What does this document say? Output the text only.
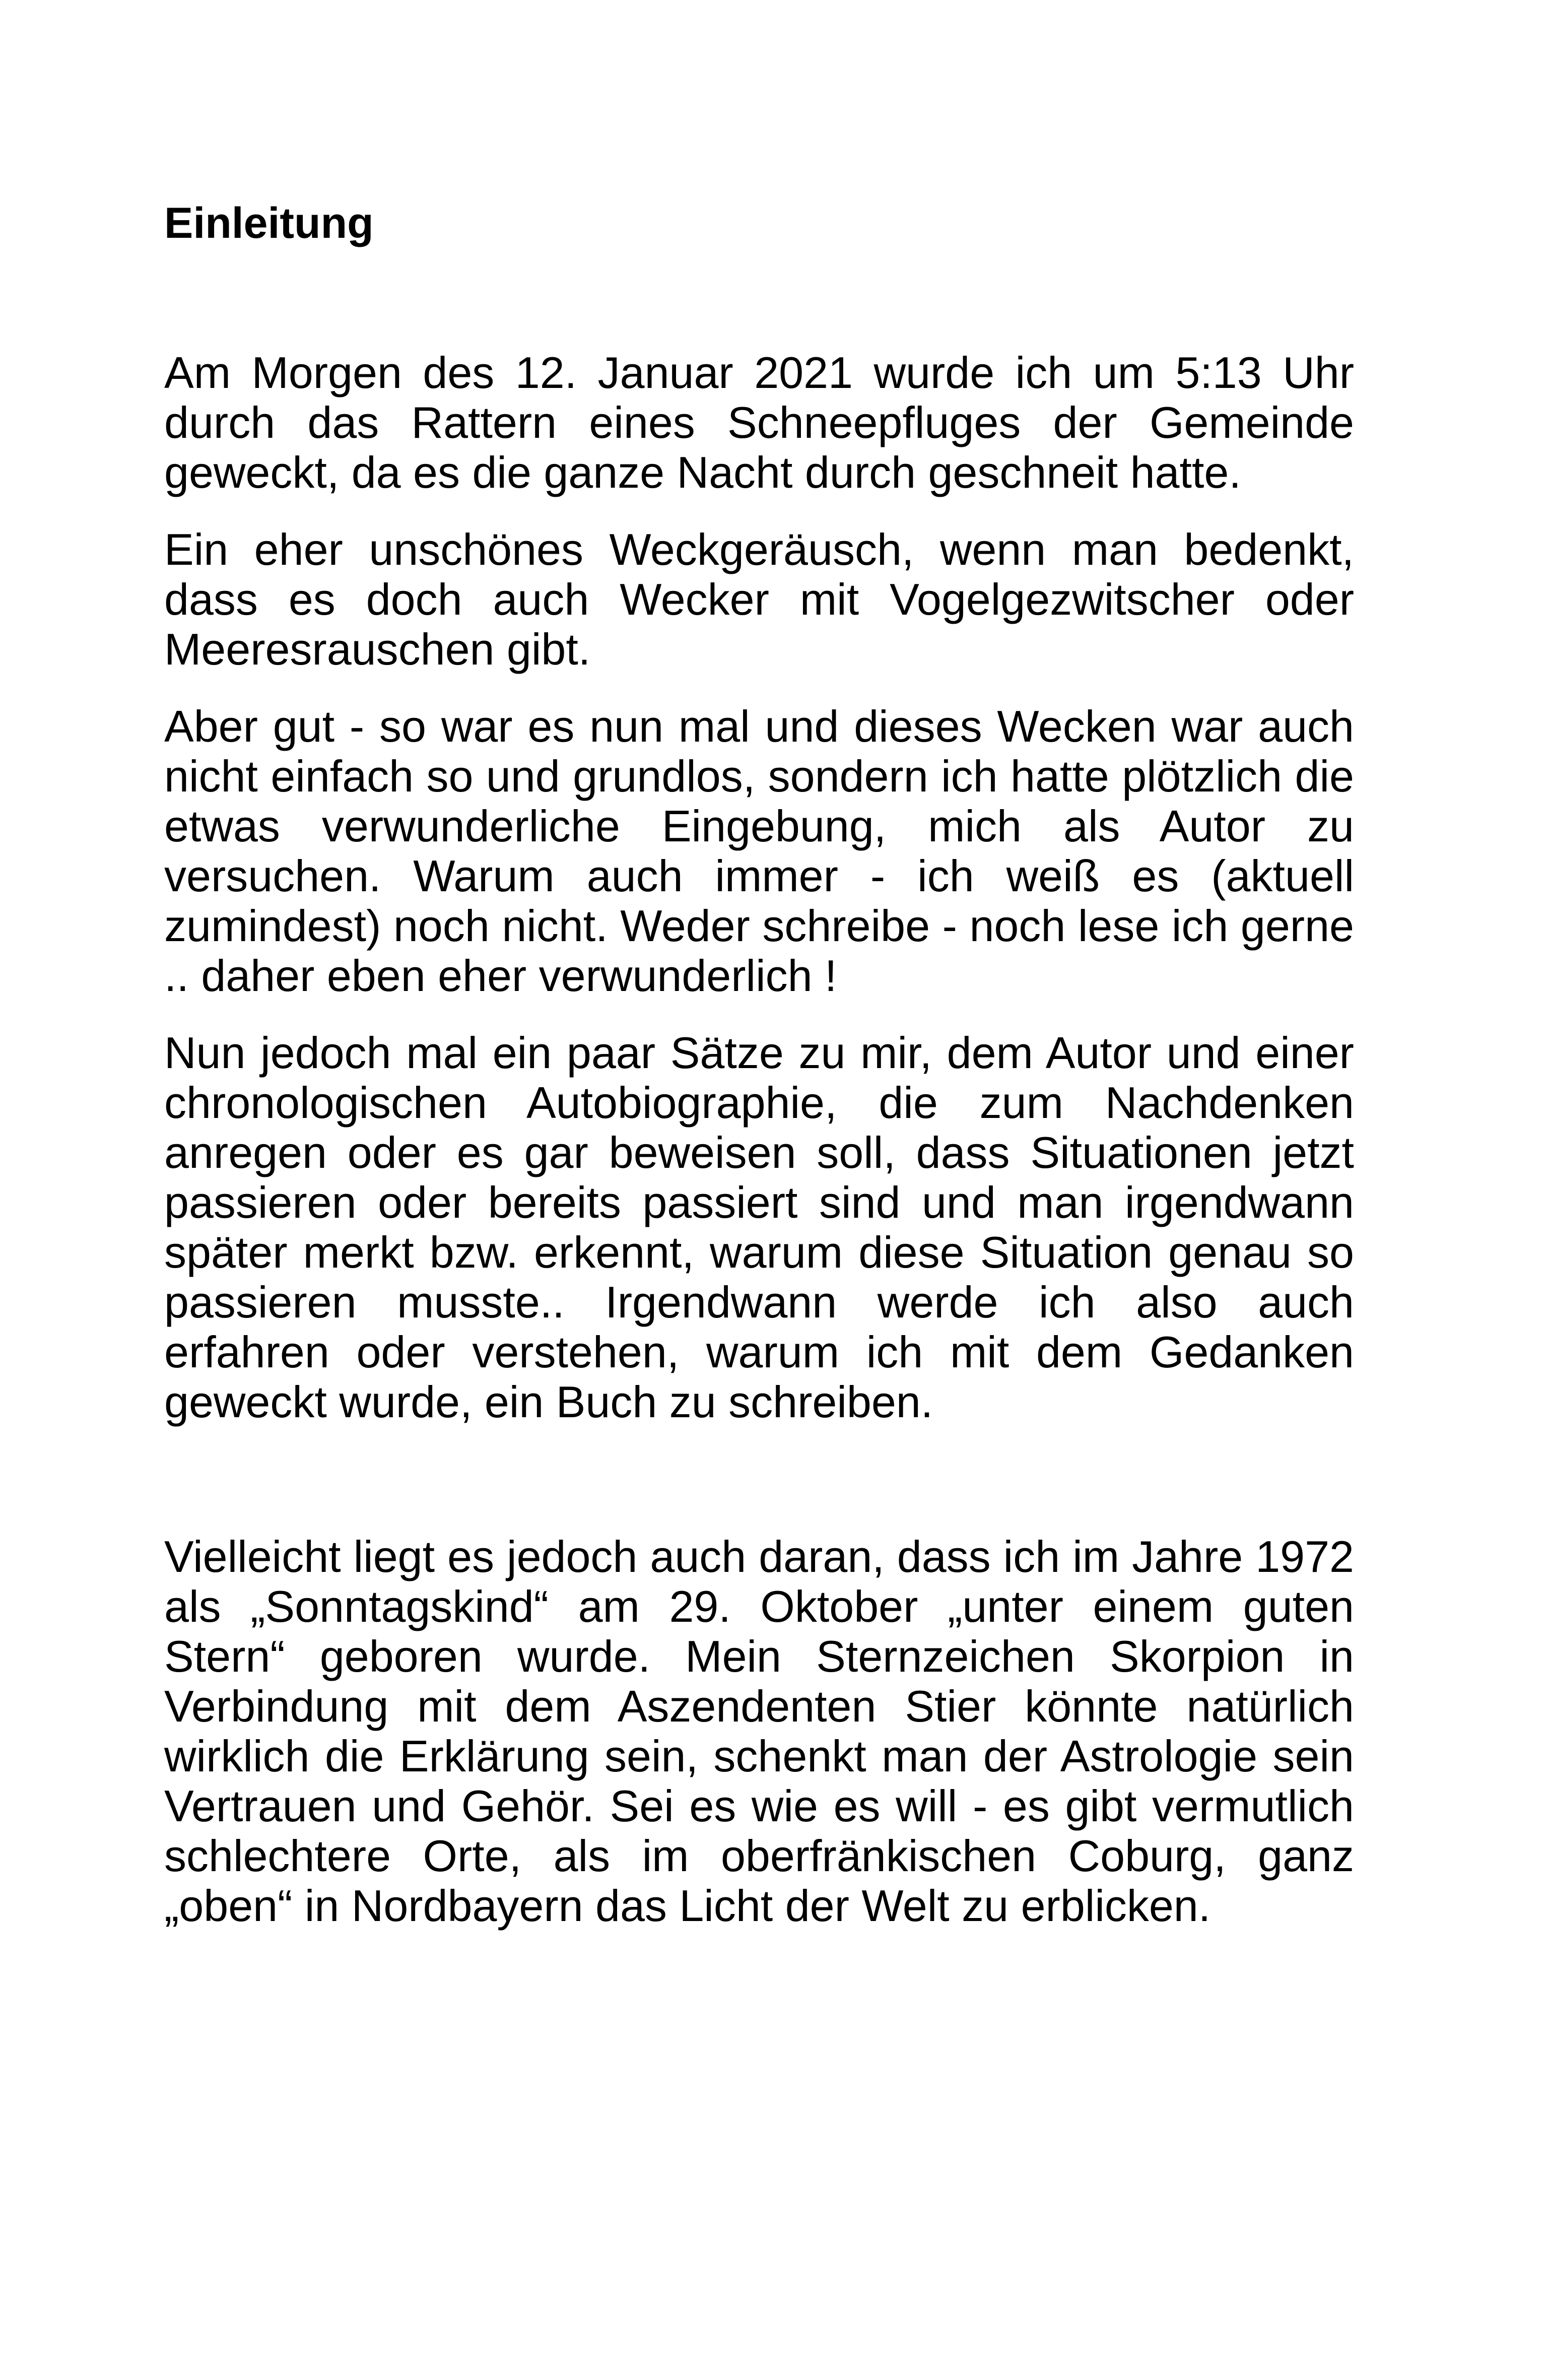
Einleitung

Am Morgen des 12. Januar 2021 wurde ich um 5:13 Uhr durch das Rattern eines Schneepfluges der Gemeinde geweckt, da es die ganze Nacht durch geschneit hatte.

Ein eher unschönes Weckgeräusch, wenn man bedenkt, dass es doch auch Wecker mit Vogelgezwitscher oder Meeresrauschen gibt.

Aber gut - so war es nun mal und dieses Wecken war auch nicht einfach so und grundlos, sondern ich hatte plötzlich die etwas verwunderliche Eingebung, mich als Autor zu versuchen. Warum auch immer - ich weiß es (aktuell zumindest) noch nicht. Weder schreibe - noch lese ich gerne .. daher eben eher verwunderlich !

Nun jedoch mal ein paar Sätze zu mir, dem Autor und einer chronologischen Autobiographie, die zum Nachdenken anregen oder es gar beweisen soll, dass Situationen jetzt passieren oder bereits passiert sind und man irgendwann später merkt bzw. erkennt, warum diese Situation genau so passieren musste.. Irgendwann werde ich also auch erfahren oder verstehen, warum ich mit dem Gedanken geweckt wurde, ein Buch zu schreiben.

Vielleicht liegt es jedoch auch daran, dass ich im Jahre 1972 als „Sonntagskind“ am 29. Oktober „unter einem guten Stern“ geboren wurde. Mein Sternzeichen Skorpion in Verbindung mit dem Aszendenten Stier könnte natürlich wirklich die Erklärung sein, schenkt man der Astrologie sein Vertrauen und Gehör. Sei es wie es will - es gibt vermutlich schlechtere Orte, als im oberfränkischen Coburg, ganz „oben“ in Nordbayern das Licht der Welt zu erblicken.
